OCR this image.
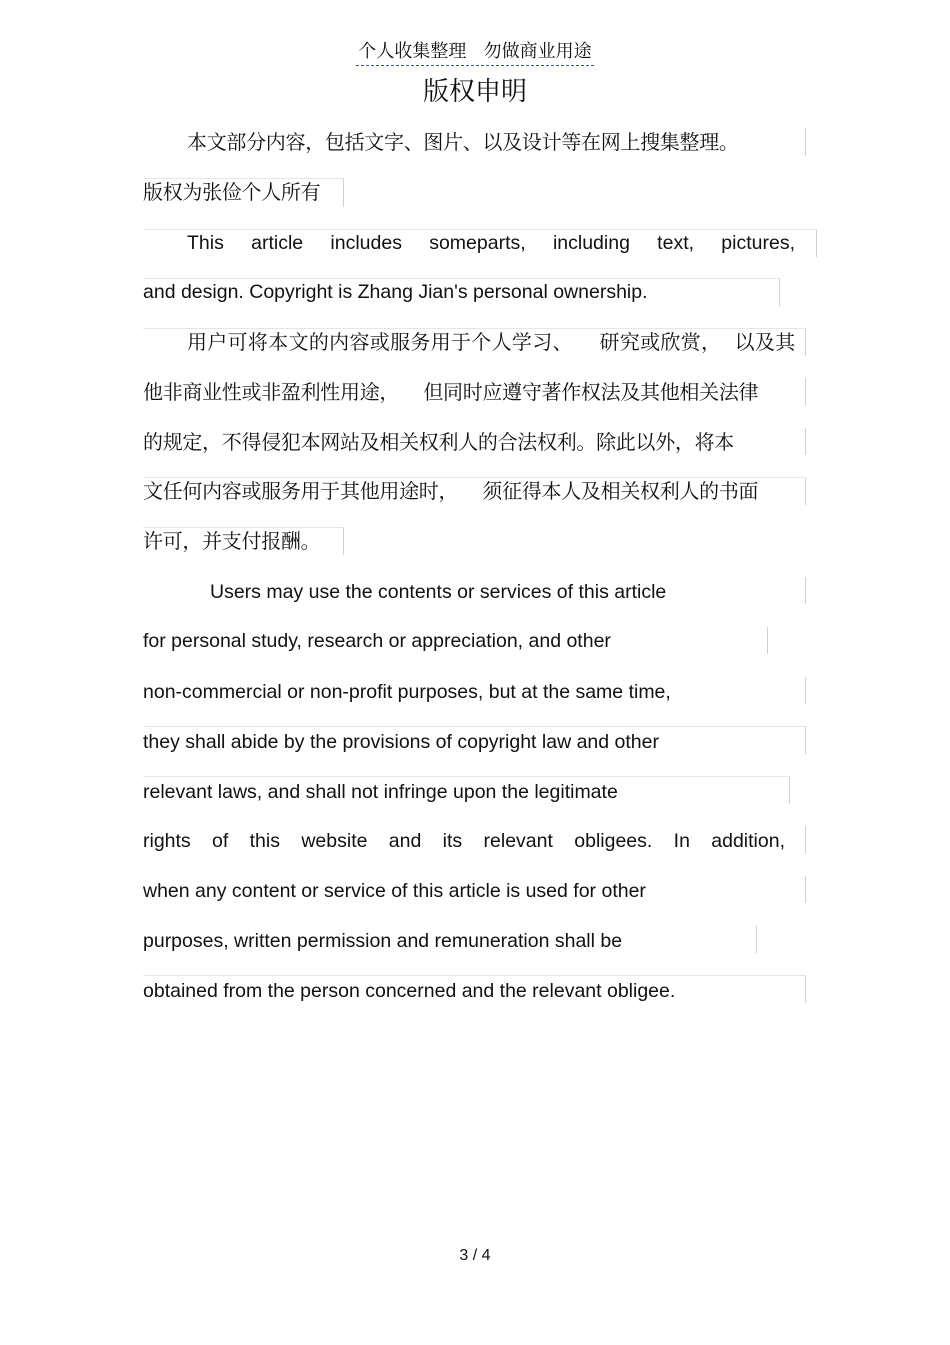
个人收集整理   勿做商业用途
版权申明
本文部分内容，包括文字、图片、以及设计等在网上搜集整理。
版权为张俭个人所有
This article includes someparts, including text, pictures,
and design. Copyright is Zhang Jian's personal ownership.
用户可将本文的内容或服务用于个人学习、    研究或欣赏，  以及其
他非商业性或非盈利性用途，    但同时应遵守著作权法及其他相关法律
的规定，不得侵犯本网站及相关权利人的合法权利。除此以外，将本
文任何内容或服务用于其他用途时，    须征得本人及相关权利人的书面
许可，并支付报酬。
Users may use the contents or services of this article
for personal study, research or appreciation, and other
non-commercial or non-profit purposes, but at the same time,
they shall abide by the provisions of copyright law and other
relevant laws, and shall not infringe upon the legitimate
rights of this website and its relevant obligees. In addition,
when any content or service of this article is used for other
purposes, written permission and remuneration shall be
obtained from the person concerned and the relevant obligee.
3 / 4
